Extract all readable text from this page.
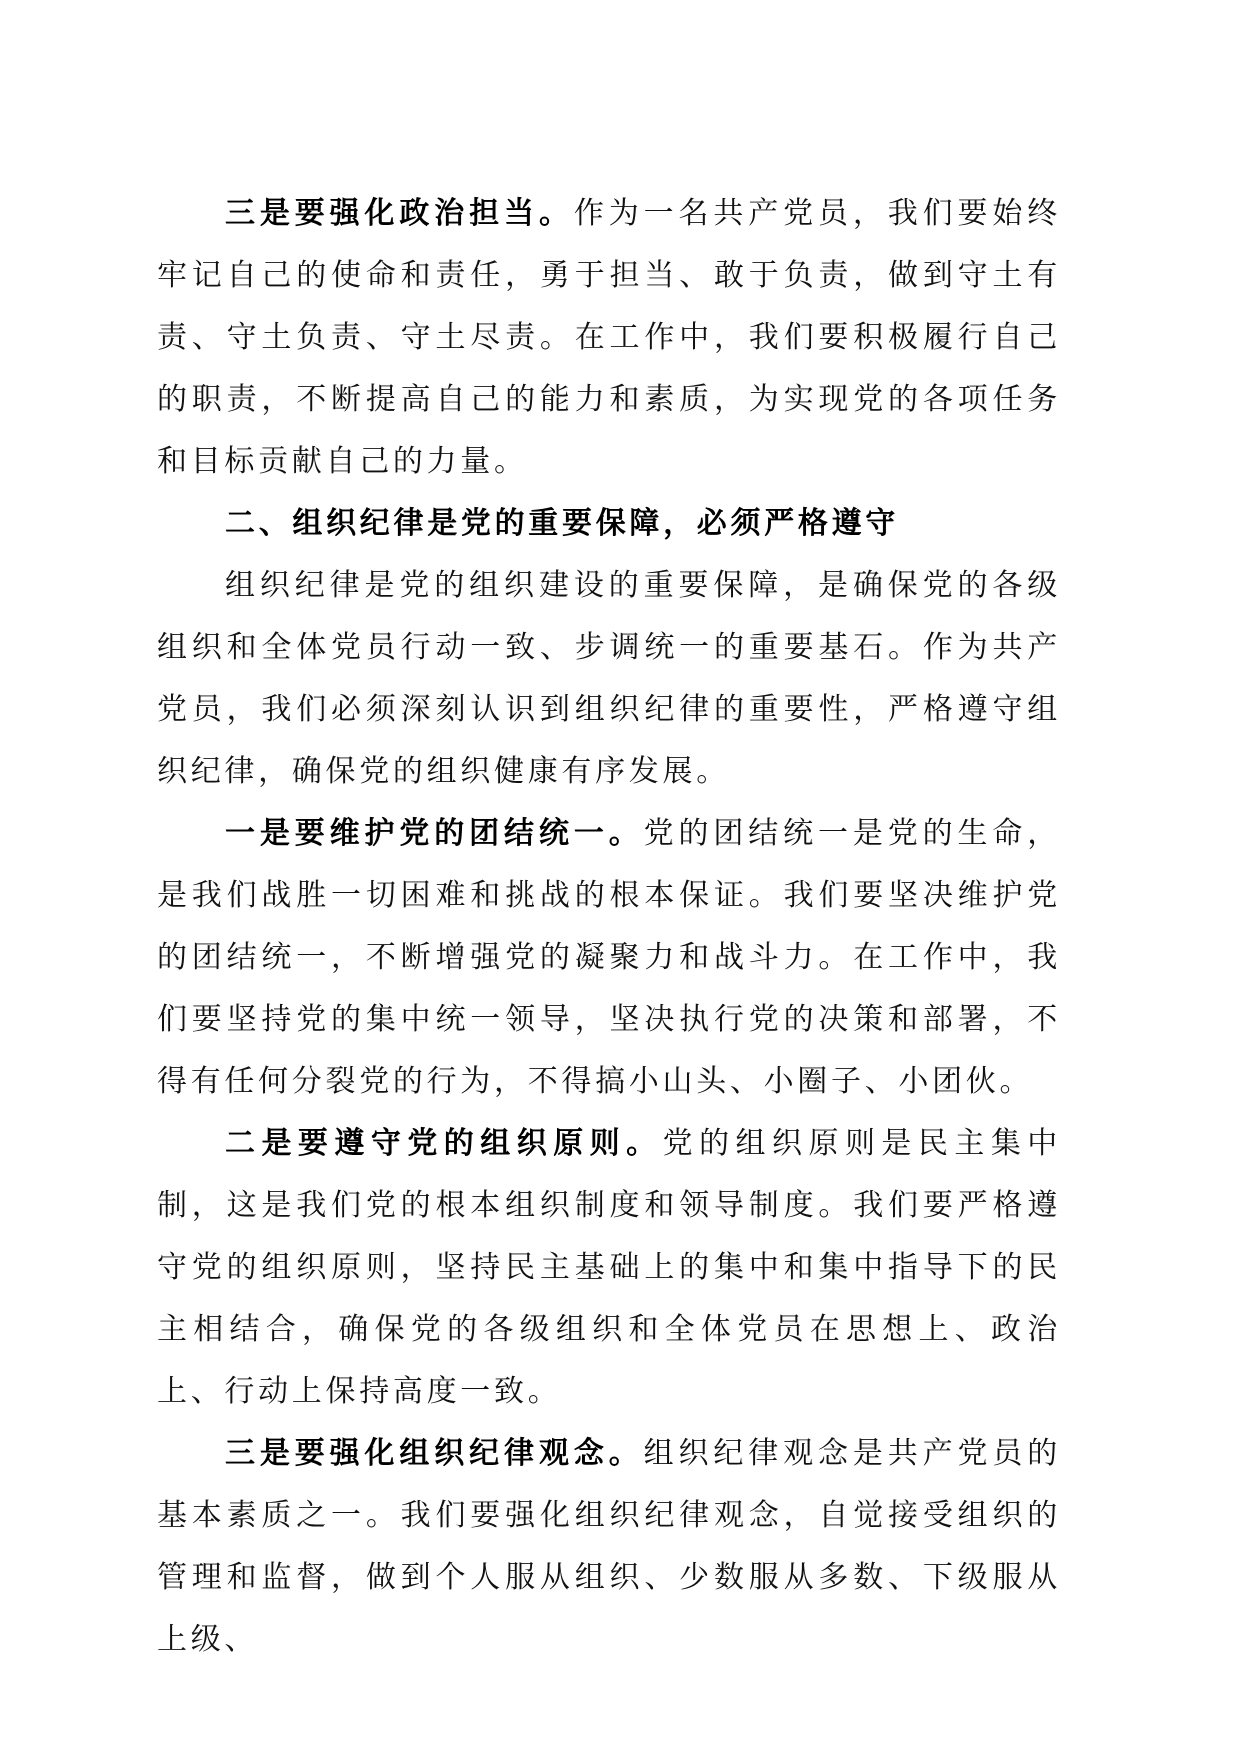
三是要强化政治担当。作为一名共产党员，我们要始终牢记自己的使命和责任，勇于担当、敢于负责，做到守土有责、守土负责、守土尽责。在工作中，我们要积极履行自己的职责，不断提高自己的能力和素质，为实现党的各项任务和目标贡献自己的力量。

二、组织纪律是党的重要保障，必须严格遵守

组织纪律是党的组织建设的重要保障，是确保党的各级组织和全体党员行动一致、步调统一的重要基石。作为共产党员，我们必须深刻认识到组织纪律的重要性，严格遵守组织纪律，确保党的组织健康有序发展。

一是要维护党的团结统一。党的团结统一是党的生命，是我们战胜一切困难和挑战的根本保证。我们要坚决维护党的团结统一，不断增强党的凝聚力和战斗力。在工作中，我们要坚持党的集中统一领导，坚决执行党的决策和部署，不得有任何分裂党的行为，不得搞小山头、小圈子、小团伙。

二是要遵守党的组织原则。党的组织原则是民主集中制，这是我们党的根本组织制度和领导制度。我们要严格遵守党的组织原则，坚持民主基础上的集中和集中指导下的民主相结合，确保党的各级组织和全体党员在思想上、政治上、行动上保持高度一致。

三是要强化组织纪律观念。组织纪律观念是共产党员的基本素质之一。我们要强化组织纪律观念，自觉接受组织的管理和监督，做到个人服从组织、少数服从多数、下级服从上级、
